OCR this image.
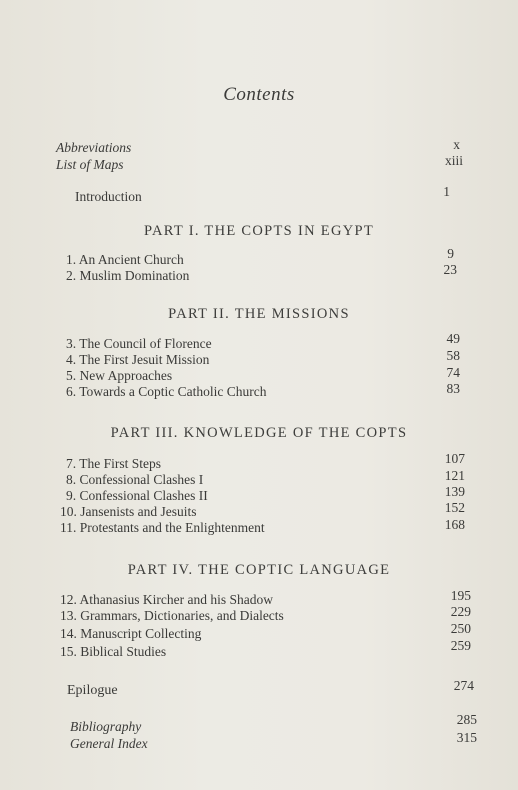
Contents
Abbreviations	x
List of Maps	xiii
Introduction	1
PART I. THE COPTS IN EGYPT
1. An Ancient Church	9
2. Muslim Domination	23
PART II. THE MISSIONS
3. The Council of Florence	49
4. The First Jesuit Mission	58
5. New Approaches	74
6. Towards a Coptic Catholic Church	83
PART III. KNOWLEDGE OF THE COPTS
7. The First Steps	107
8. Confessional Clashes I	121
9. Confessional Clashes II	139
10. Jansenists and Jesuits	152
11. Protestants and the Enlightenment	168
PART IV. THE COPTIC LANGUAGE
12. Athanasius Kircher and his Shadow	195
13. Grammars, Dictionaries, and Dialects	229
14. Manuscript Collecting	250
15. Biblical Studies	259
Epilogue	274
Bibliography	285
General Index	315
